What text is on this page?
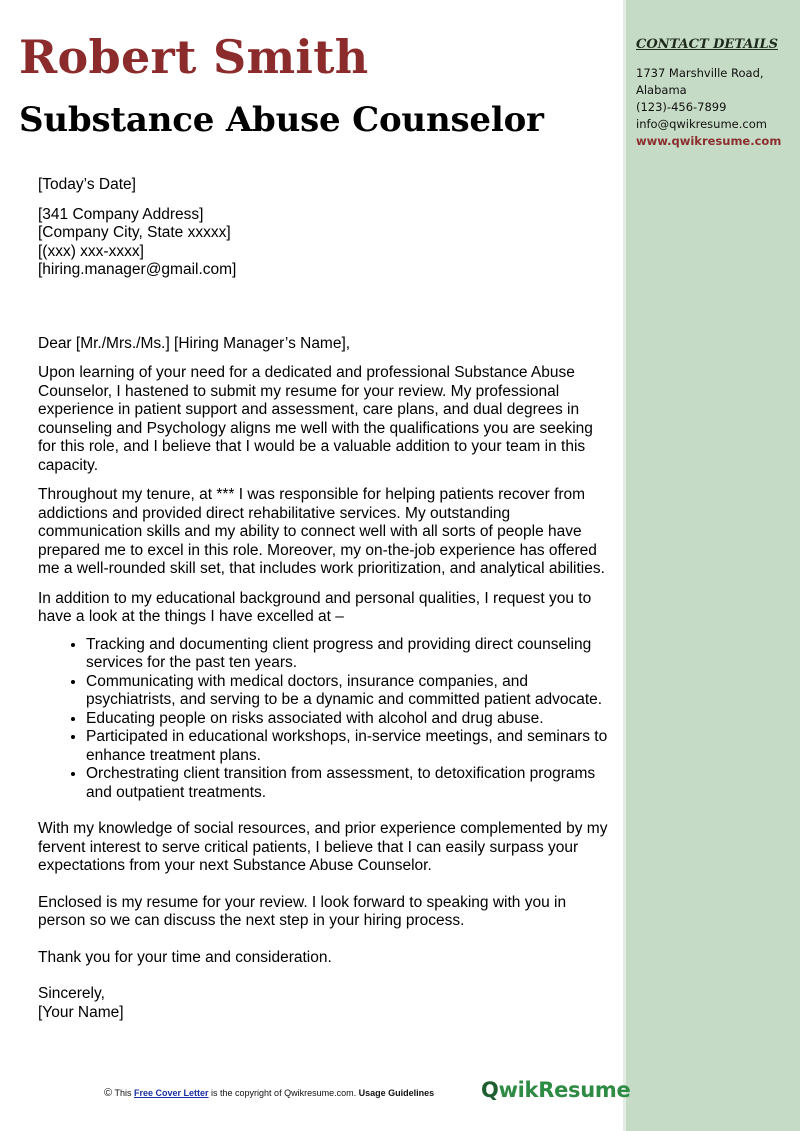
Robert Smith
Substance Abuse Counselor
CONTACT DETAILS
1737 Marshville Road,
Alabama
(123)-456-7899
info@qwikresume.com
www.qwikresume.com

[Today’s Date]

[341 Company Address]

[Company City, State xxxxx]

[(xxx) xxx-xxxx]

[hiring.manager@gmail.com]

Dear [Mr./Mrs./Ms.] [Hiring Manager’s Name],

Upon learning of your need for a dedicated and professional Substance Abuse Counselor, I hastened to submit my resume for your review. My professional experience in patient support and assessment, care plans, and dual degrees in counseling and Psychology aligns me well with the qualifications you are seeking for this role, and I believe that I would be a valuable addition to your team in this capacity.

Throughout my tenure, at *** I was responsible for helping patients recover from addictions and provided direct rehabilitative services. My outstanding communication skills and my ability to connect well with all sorts of people have prepared me to excel in this role. Moreover, my on-the-job experience has offered me a well-rounded skill set, that includes work prioritization, and analytical abilities.

In addition to my educational background and personal qualities, I request you to have a look at the things I have excelled at –

• Tracking and documenting client progress and providing direct counseling services for the past ten years.
• Communicating with medical doctors, insurance companies, and psychiatrists, and serving to be a dynamic and committed patient advocate.
• Educating people on risks associated with alcohol and drug abuse.
• Participated in educational workshops, in-service meetings, and seminars to enhance treatment plans.
• Orchestrating client transition from assessment, to detoxification programs and outpatient treatments.

With my knowledge of social resources, and prior experience complemented by my fervent interest to serve critical patients, I believe that I can easily surpass your expectations from your next Substance Abuse Counselor.

Enclosed is my resume for your review. I look forward to speaking with you in person so we can discuss the next step in your hiring process.

Thank you for your time and consideration.

Sincerely,

[Your Name]

© This Free Cover Letter is the copyright of Qwikresume.com. Usage Guidelines QwikResume
